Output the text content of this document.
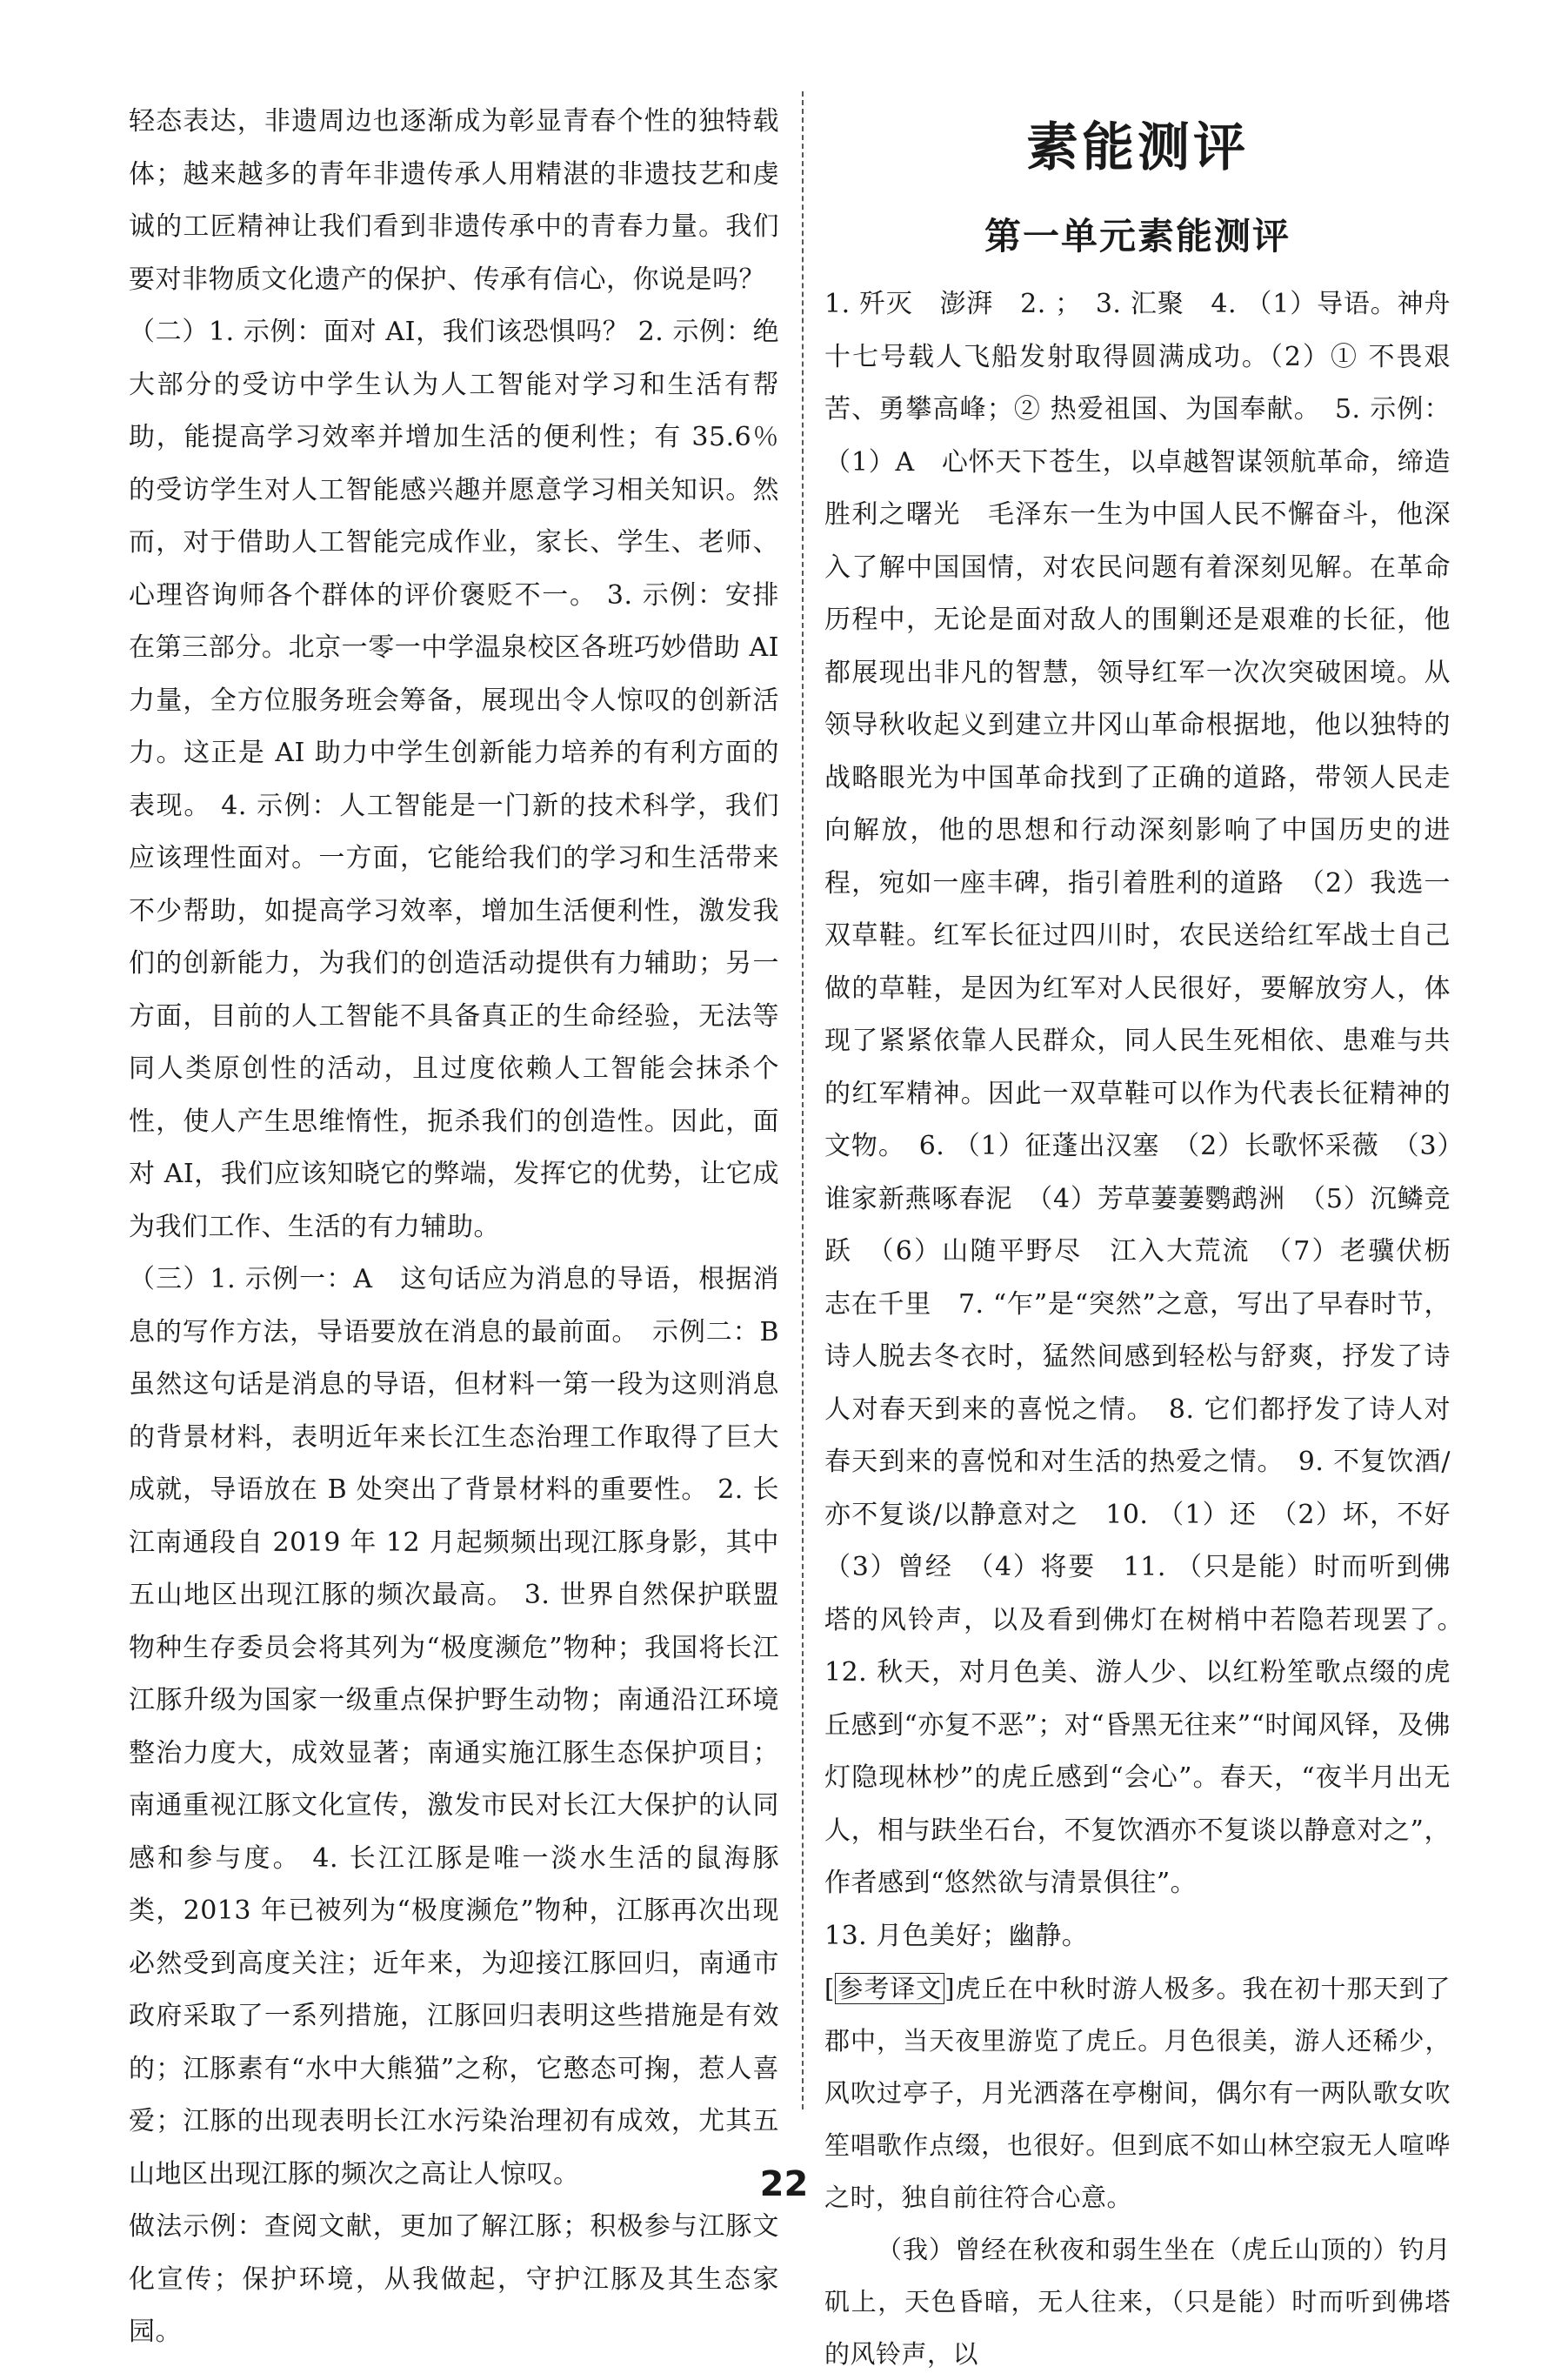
轻态表达，非遗周边也逐渐成为彰显青春个性的独特载体；越来越多的青年非遗传承人用精湛的非遗技艺和虔诚的工匠精神让我们看到非遗传承中的青春力量。我们要对非物质文化遗产的保护、传承有信心，你说是吗？

（二）1. 示例：面对 AI，我们该恐惧吗？ 2. 示例：绝大部分的受访中学生认为人工智能对学习和生活有帮助，能提高学习效率并增加生活的便利性；有 35.6％的受访学生对人工智能感兴趣并愿意学习相关知识。然而，对于借助人工智能完成作业，家长、学生、老师、心理咨询师各个群体的评价褒贬不一。 3. 示例：安排在第三部分。北京一零一中学温泉校区各班巧妙借助 AI 力量，全方位服务班会筹备，展现出令人惊叹的创新活力。这正是 AI 助力中学生创新能力培养的有利方面的表现。 4. 示例：人工智能是一门新的技术科学，我们应该理性面对。一方面，它能给我们的学习和生活带来不少帮助，如提高学习效率，增加生活便利性，激发我们的创新能力，为我们的创造活动提供有力辅助；另一方面，目前的人工智能不具备真正的生命经验，无法等同人类原创性的活动，且过度依赖人工智能会抹杀个性，使人产生思维惰性，扼杀我们的创造性。因此，面对 AI，我们应该知晓它的弊端，发挥它的优势，让它成为我们工作、生活的有力辅助。

（三）1. 示例一：A　这句话应为消息的导语，根据消息的写作方法，导语要放在消息的最前面。　示例二：B　虽然这句话是消息的导语，但材料一第一段为这则消息的背景材料，表明近年来长江生态治理工作取得了巨大成就，导语放在 B 处突出了背景材料的重要性。 2. 长江南通段自 2019 年 12 月起频频出现江豚身影，其中五山地区出现江豚的频次最高。 3. 世界自然保护联盟物种生存委员会将其列为“极度濒危”物种；我国将长江江豚升级为国家一级重点保护野生动物；南通沿江环境整治力度大，成效显著；南通实施江豚生态保护项目；南通重视江豚文化宣传，激发市民对长江大保护的认同感和参与度。 4. 长江江豚是唯一淡水生活的鼠海豚类，2013 年已被列为“极度濒危”物种，江豚再次出现必然受到高度关注；近年来，为迎接江豚回归，南通市政府采取了一系列措施，江豚回归表明这些措施是有效的；江豚素有“水中大熊猫”之称，它憨态可掬，惹人喜爱；江豚的出现表明长江水污染治理初有成效，尤其五山地区出现江豚的频次之高让人惊叹。

做法示例：查阅文献，更加了解江豚；积极参与江豚文化宣传；保护环境，从我做起，守护江豚及其生态家园。

素能测评
第一单元素能测评

1. 歼灭　澎湃　2. ；　3. 汇聚　4. （1）导语。神舟十七号载人飞船发射取得圆满成功。（2）① 不畏艰苦、勇攀高峰；② 热爱祖国、为国奉献。　5. 示例：（1）A　心怀天下苍生，以卓越智谋领航革命，缔造胜利之曙光　毛泽东一生为中国人民不懈奋斗，他深入了解中国国情，对农民问题有着深刻见解。在革命历程中，无论是面对敌人的围剿还是艰难的长征，他都展现出非凡的智慧，领导红军一次次突破困境。从领导秋收起义到建立井冈山革命根据地，他以独特的战略眼光为中国革命找到了正确的道路，带领人民走向解放，他的思想和行动深刻影响了中国历史的进程，宛如一座丰碑，指引着胜利的道路　（2）我选一双草鞋。红军长征过四川时，农民送给红军战士自己做的草鞋，是因为红军对人民很好，要解放穷人，体现了紧紧依靠人民群众，同人民生死相依、患难与共的红军精神。因此一双草鞋可以作为代表长征精神的文物。　6. （1）征蓬出汉塞　（2）长歌怀采薇　（3）谁家新燕啄春泥　（4）芳草萋萋鹦鹉洲　（5）沉鳞竞跃　（6）山随平野尽　江入大荒流　（7）老骥伏枥　志在千里　7. “乍”是“突然”之意，写出了早春时节，诗人脱去冬衣时，猛然间感到轻松与舒爽，抒发了诗人对春天到来的喜悦之情。　8. 它们都抒发了诗人对春天到来的喜悦和对生活的热爱之情。　9. 不复饮酒/亦不复谈/以静意对之　10. （1）还　（2）坏，不好　（3）曾经　（4）将要　11. （只是能）时而听到佛塔的风铃声，以及看到佛灯在树梢中若隐若现罢了。　12. 秋天，对月色美、游人少、以红粉笙歌点缀的虎丘感到“亦复不恶”；对“昏黑无往来”“时闻风铎，及佛灯隐现林杪”的虎丘感到“会心”。春天，“夜半月出无人，相与趺坐石台，不复饮酒亦不复谈以静意对之”，作者感到“悠然欲与清景俱往”。

13. 月色美好；幽静。

[ 参考译文 ]虎丘在中秋时游人极多。我在初十那天到了郡中，当天夜里游览了虎丘。月色很美，游人还稀少，风吹过亭子，月光洒落在亭榭间，偶尔有一两队歌女吹笙唱歌作点缀，也很好。但到底不如山林空寂无人喧哗之时，独自前往符合心意。

（我）曾经在秋夜和弱生坐在（虎丘山顶的）钓月矶上，天色昏暗，无人往来，（只是能）时而听到佛塔的风铃声，以

22
